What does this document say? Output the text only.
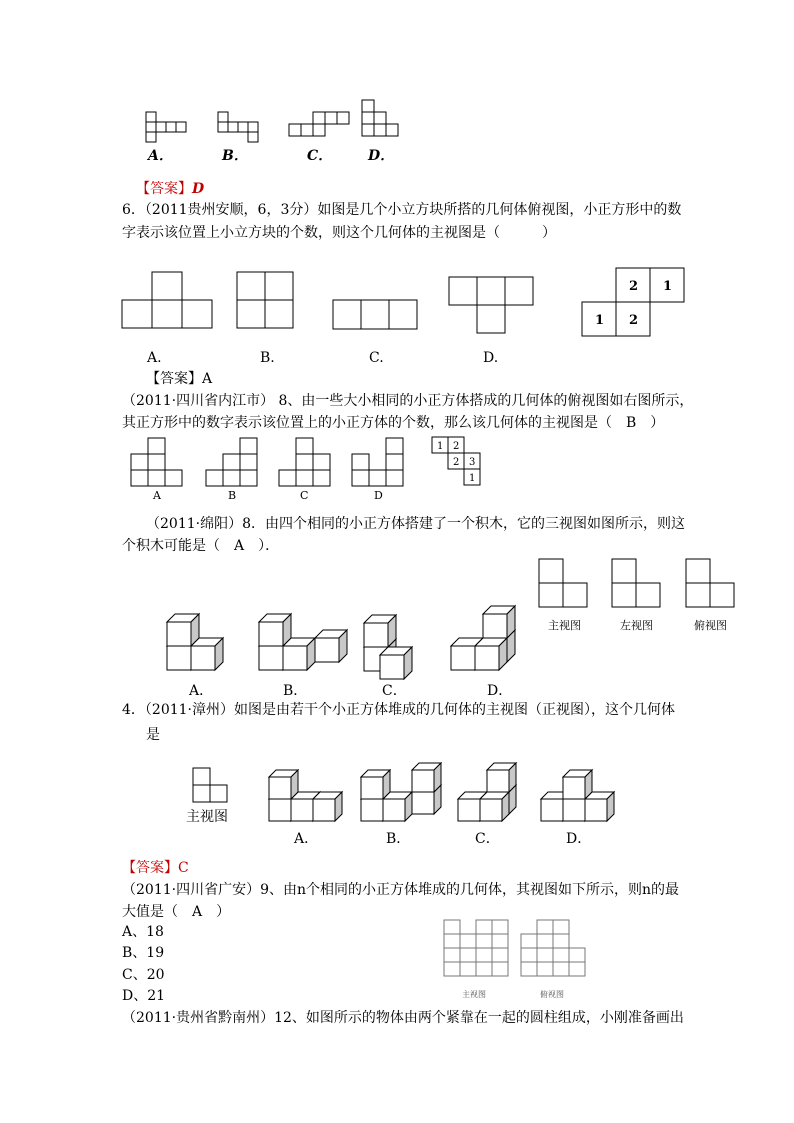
A．	B．	C．	D．
【答案】D
6．（2011贵州安顺，6，3分）如图是几个小立方块所搭的几何体俯视图，小正方形中的数
字表示该位置上小立方块的个数，则这个几何体的主视图是（　　　）
A.	B.	C.	D.
2 1
1 2
【答案】A
（2011·四川省内江市） 8、由一些大小相同的小正方体搭成的几何体的俯视图如右图所示，
其正方形中的数字表示该位置上的小正方体的个数，那么该几何体的主视图是（　B　）
A	B	C	D
1 2
2 3
1
（2011·绵阳）8．由四个相同的小正方体搭建了一个积木，它的三视图如图所示，则这
个积木可能是（　A　）．
主视图	左视图	俯视图
A．	B．	C．	D．
4．（2011·漳州）如图是由若干个小正方体堆成的几何体的主视图（正视图），这个几何体
是
主视图
A．	B．	C．	D．
【答案】C
（2011·四川省广安）9、由n个相同的小正方体堆成的几何体，其视图如下所示，则n的最
大值是（　A　）
A、18
B、19
C、20
D、21	主视图	俯视图
（2011·贵州省黔南州）12、如图所示的物体由两个紧靠在一起的圆柱组成，小刚准备画出
